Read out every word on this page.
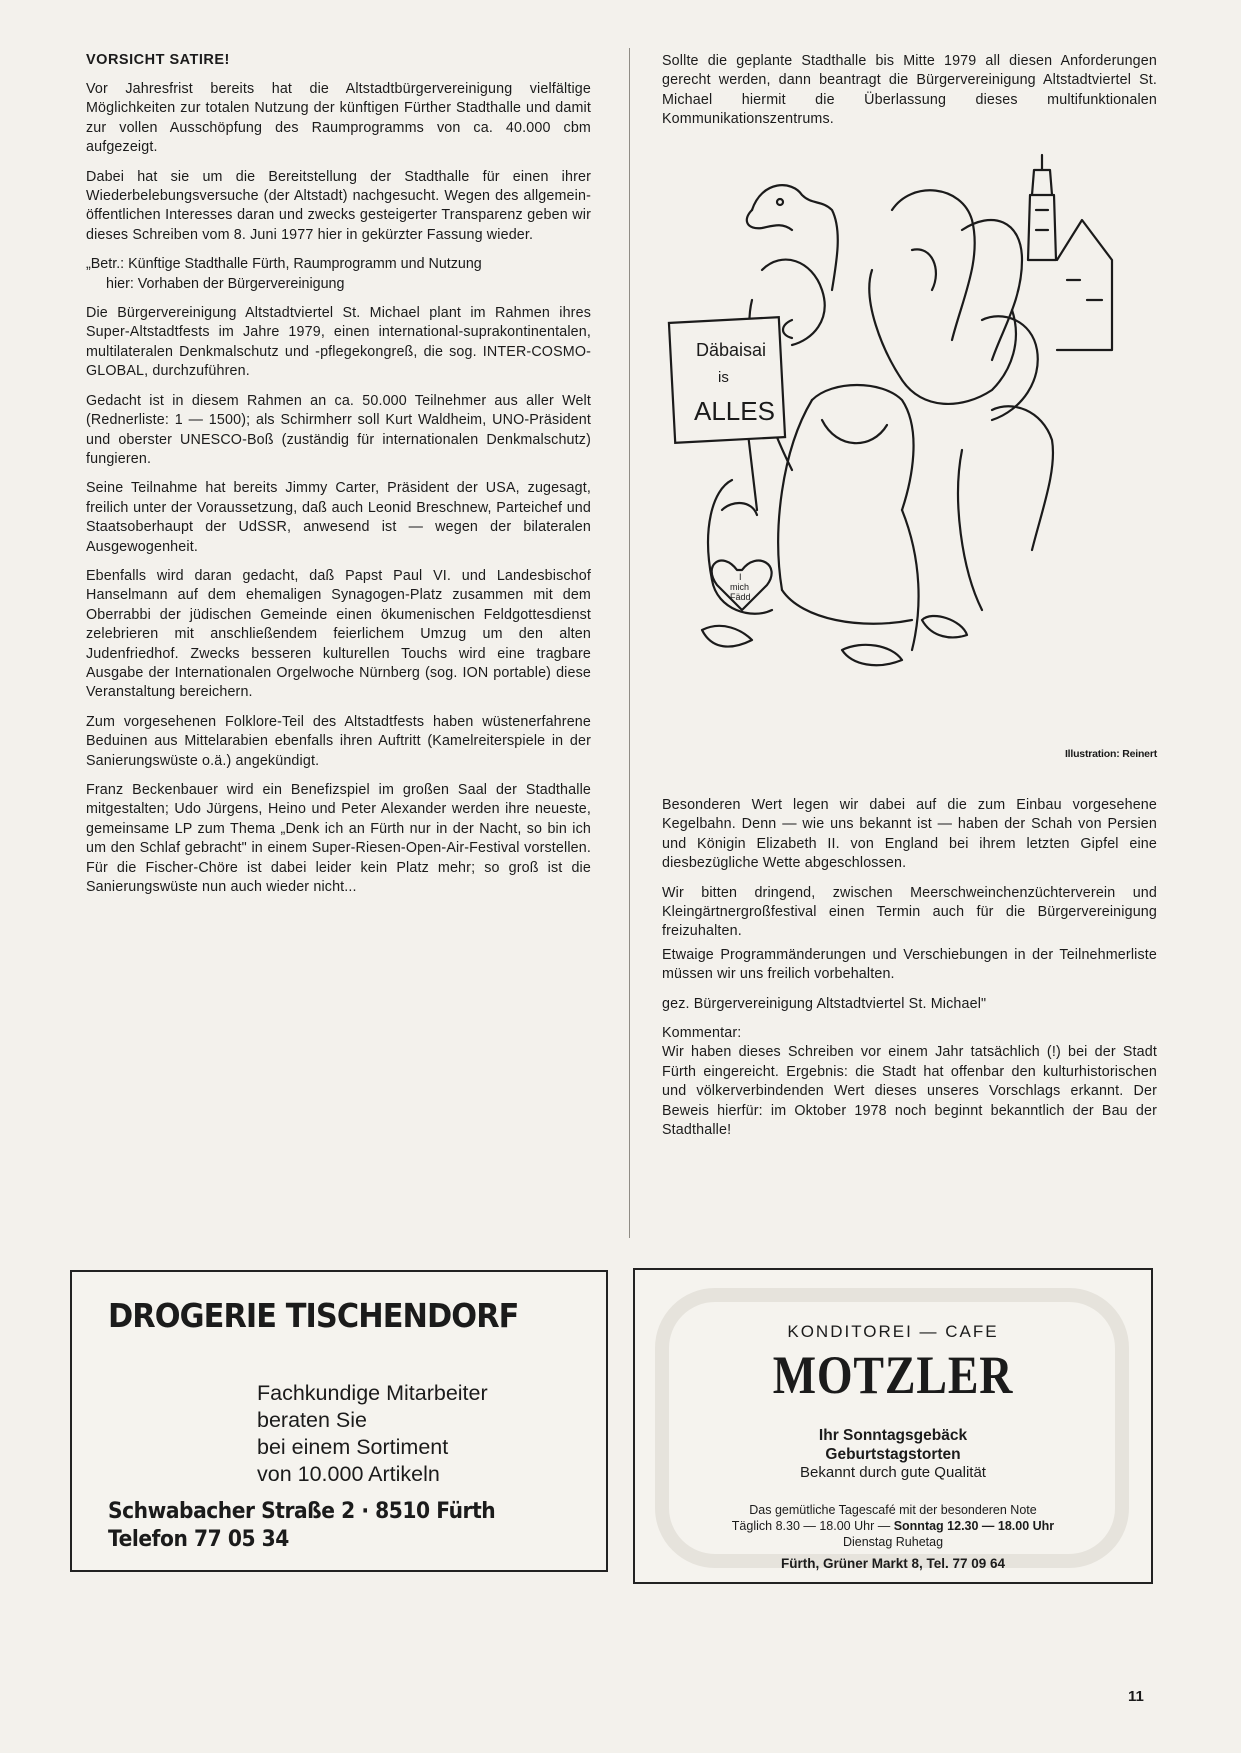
VORSICHT SATIRE!

Vor Jahresfrist bereits hat die Altstadtbürgervereinigung vielfältige Möglichkeiten zur totalen Nutzung der künftigen Fürther Stadthalle und damit zur vollen Ausschöpfung des Raumprogramms von ca. 40.000 cbm aufgezeigt.

Dabei hat sie um die Bereitstellung der Stadthalle für einen ihrer Wiederbelebungsversuche (der Altstadt) nachgesucht. Wegen des allgemein-öffentlichen Interesses daran und zwecks gesteigerter Transparenz geben wir dieses Schreiben vom 8. Juni 1977 hier in gekürzter Fassung wieder.

„Betr.: Künftige Stadthalle Fürth, Raumprogramm und Nutzung
hier: Vorhaben der Bürgervereinigung

Die Bürgervereinigung Altstadtviertel St. Michael plant im Rahmen ihres Super-Altstadtfests im Jahre 1979, einen international-suprakontinentalen, multilateralen Denkmalschutz und -pflegekongreß, die sog. INTER-COSMO-GLOBAL, durchzuführen.

Gedacht ist in diesem Rahmen an ca. 50.000 Teilnehmer aus aller Welt (Rednerliste: 1 — 1500); als Schirmherr soll Kurt Waldheim, UNO-Präsident und oberster UNESCO-Boß (zuständig für internationalen Denkmalschutz) fungieren.

Seine Teilnahme hat bereits Jimmy Carter, Präsident der USA, zugesagt, freilich unter der Voraussetzung, daß auch Leonid Breschnew, Parteichef und Staatsoberhaupt der UdSSR, anwesend ist — wegen der bilateralen Ausgewogenheit.

Ebenfalls wird daran gedacht, daß Papst Paul VI. und Landesbischof Hanselmann auf dem ehemaligen Synagogen-Platz zusammen mit dem Oberrabbi der jüdischen Gemeinde einen ökumenischen Feldgottesdienst zelebrieren mit anschließendem feierlichem Umzug um den alten Judenfriedhof. Zwecks besseren kulturellen Touchs wird eine tragbare Ausgabe der Internationalen Orgelwoche Nürnberg (sog. ION portable) diese Veranstaltung bereichern.

Zum vorgesehenen Folklore-Teil des Altstadtfests haben wüstenerfahrene Beduinen aus Mittelarabien ebenfalls ihren Auftritt (Kamelreiterspiele in der Sanierungswüste o.ä.) angekündigt.

Franz Beckenbauer wird ein Benefizspiel im großen Saal der Stadthalle mitgestalten; Udo Jürgens, Heino und Peter Alexander werden ihre neueste, gemeinsame LP zum Thema „Denk ich an Fürth nur in der Nacht, so bin ich um den Schlaf gebracht" in einem Super-Riesen-Open-Air-Festival vorstellen. Für die Fischer-Chöre ist dabei leider kein Platz mehr; so groß ist die Sanierungswüste nun auch wieder nicht...

Sollte die geplante Stadthalle bis Mitte 1979 all diesen Anforderungen gerecht werden, dann beantragt die Bürgervereinigung Altstadtviertel St. Michael hiermit die Überlassung dieses multifunktionalen Kommunikationszentrums.

Däbaisai
is
ALLES
I
mich
Fädd
Illustration: Reinert

Besonderen Wert legen wir dabei auf die zum Einbau vorgesehene Kegelbahn. Denn — wie uns bekannt ist — haben der Schah von Persien und Königin Elizabeth II. von England bei ihrem letzten Gipfel eine diesbezügliche Wette abgeschlossen.

Wir bitten dringend, zwischen Meerschweinchenzüchterverein und Kleingärtnergroßfestival einen Termin auch für die Bürgervereinigung freizuhalten.

Etwaige Programmänderungen und Verschiebungen in der Teilnehmerliste müssen wir uns freilich vorbehalten.

gez. Bürgervereinigung Altstadtviertel St. Michael"

Kommentar:

Wir haben dieses Schreiben vor einem Jahr tatsächlich (!) bei der Stadt Fürth eingereicht. Ergebnis: die Stadt hat offenbar den kulturhistorischen und völkerverbindenden Wert dieses unseres Vorschlags erkannt. Der Beweis hierfür: im Oktober 1978 noch beginnt bekanntlich der Bau der Stadthalle!

DROGERIE TISCHENDORF
Fachkundige Mitarbeiter
beraten Sie
bei einem Sortiment
von 10.000 Artikeln
Schwabacher Straße 2 · 8510 Fürth
Telefon 77 05 34
KONDITOREI — CAFE
MOTZLER
Ihr Sonntagsgebäck
Geburtstagstorten
Bekannt durch gute Qualität
Das gemütliche Tagescafé mit der besonderen Note
Täglich 8.30 — 18.00 Uhr — Sonntag 12.30 — 18.00 Uhr
Dienstag Ruhetag
Fürth, Grüner Markt 8, Tel. 77 09 64
11
